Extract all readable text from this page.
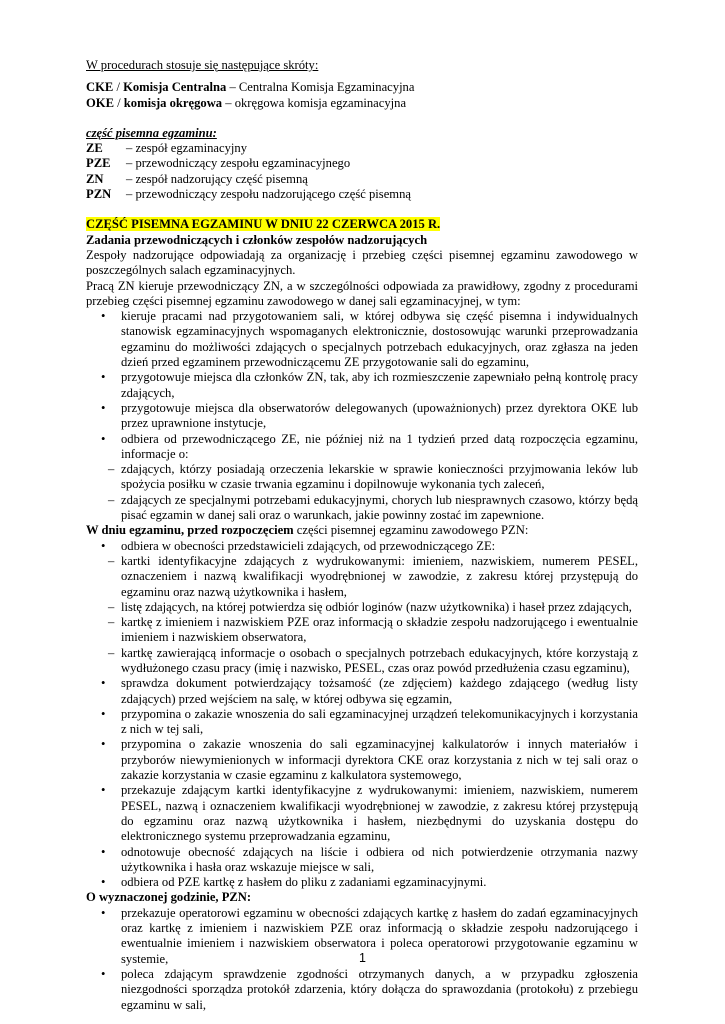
W procedurach stosuje się następujące skróty:

CKE / Komisja Centralna – Centralna Komisja Egzaminacyjna

OKE / komisja okręgowa – okręgowa komisja egzaminacyjna

część pisemna egzaminu:

ZE	– zespół egzaminacyjny
PZE	– przewodniczący zespołu egzaminacyjnego
ZN	– zespół nadzorujący część pisemną
PZN	– przewodniczący zespołu nadzorującego część pisemną

CZĘŚĆ PISEMNA EGZAMINU W DNIU 22 CZERWCA 2015 R.

Zadania przewodniczących i członków zespołów nadzorujących

Zespoły nadzorujące odpowiadają za organizację i przebieg części pisemnej egzaminu zawodowego w poszczególnych salach egzaminacyjnych.

Pracą ZN kieruje przewodniczący ZN, a w szczególności odpowiada za prawidłowy, zgodny z procedurami przebieg części pisemnej egzaminu zawodowego w danej sali egzaminacyjnej, w tym:

• kieruje pracami nad przygotowaniem sali, w której odbywa się część pisemna i indywidualnych stanowisk egzaminacyjnych wspomaganych elektronicznie, dostosowując warunki przeprowadzania egzaminu do możliwości zdających o specjalnych potrzebach edukacyjnych, oraz zgłasza na jeden dzień przed egzaminem przewodniczącemu ZE przygotowanie sali do egzaminu,
• przygotowuje miejsca dla członków ZN, tak, aby ich rozmieszczenie zapewniało pełną kontrolę pracy zdających,
• przygotowuje miejsca dla obserwatorów delegowanych (upoważnionych) przez dyrektora OKE lub przez uprawnione instytucje,
• odbiera od przewodniczącego ZE, nie później niż na 1 tydzień przed datą rozpoczęcia egzaminu, informacje o:
– zdających, którzy posiadają orzeczenia lekarskie w sprawie konieczności przyjmowania leków lub spożycia posiłku w czasie trwania egzaminu i dopilnowuje wykonania tych zaleceń,
– zdających ze specjalnymi potrzebami edukacyjnymi, chorych lub niesprawnych czasowo, którzy będą pisać egzamin w danej sali oraz o warunkach, jakie powinny zostać im zapewnione.

W dniu egzaminu, przed rozpoczęciem części pisemnej egzaminu zawodowego PZN:

• odbiera w obecności przedstawicieli zdających, od przewodniczącego ZE:
– kartki identyfikacyjne zdających z wydrukowanymi: imieniem, nazwiskiem, numerem PESEL, oznaczeniem i nazwą kwalifikacji wyodrębnionej w zawodzie, z zakresu której przystępują do egzaminu oraz nazwą użytkownika i hasłem,
– listę zdających, na której potwierdza się odbiór loginów (nazw użytkownika) i haseł przez zdających,
– kartkę z imieniem i nazwiskiem PZE oraz informacją o składzie zespołu nadzorującego i ewentualnie imieniem i nazwiskiem obserwatora,
– kartkę zawierającą informacje o osobach o specjalnych potrzebach edukacyjnych, które korzystają z wydłużonego czasu pracy (imię i nazwisko, PESEL, czas oraz powód przedłużenia czasu egzaminu),
• sprawdza dokument potwierdzający tożsamość (ze zdjęciem) każdego zdającego (według listy zdających) przed wejściem na salę, w której odbywa się egzamin,
• przypomina o zakazie wnoszenia do sali egzaminacyjnej urządzeń telekomunikacyjnych i korzystania z nich w tej sali,
• przypomina o zakazie wnoszenia do sali egzaminacyjnej kalkulatorów i innych materiałów i przyborów niewymienionych w informacji dyrektora CKE oraz korzystania z nich w tej sali oraz o zakazie korzystania w czasie egzaminu z kalkulatora systemowego,
• przekazuje zdającym kartki identyfikacyjne z wydrukowanymi: imieniem, nazwiskiem, numerem PESEL, nazwą i oznaczeniem kwalifikacji wyodrębnionej w zawodzie, z zakresu której przystępują do egzaminu oraz nazwą użytkownika i hasłem, niezbędnymi do uzyskania dostępu do elektronicznego systemu przeprowadzania egzaminu,
• odnotowuje obecność zdających na liście i odbiera od nich potwierdzenie otrzymania nazwy użytkownika i hasła oraz wskazuje miejsce w sali,
• odbiera od PZE kartkę z hasłem do pliku z zadaniami egzaminacyjnymi.

O wyznaczonej godzinie, PZN:

• przekazuje operatorowi egzaminu w obecności zdających kartkę z hasłem do zadań egzaminacyjnych oraz kartkę z imieniem i nazwiskiem PZE oraz informacją o składzie zespołu nadzorującego i ewentualnie imieniem i nazwiskiem obserwatora i poleca operatorowi przygotowanie egzaminu w systemie,
• poleca zdającym sprawdzenie zgodności otrzymanych danych, a w przypadku zgłoszenia niezgodności sporządza protokół zdarzenia, który dołącza do sprawozdania (protokołu) z przebiegu egzaminu w sali,
1
